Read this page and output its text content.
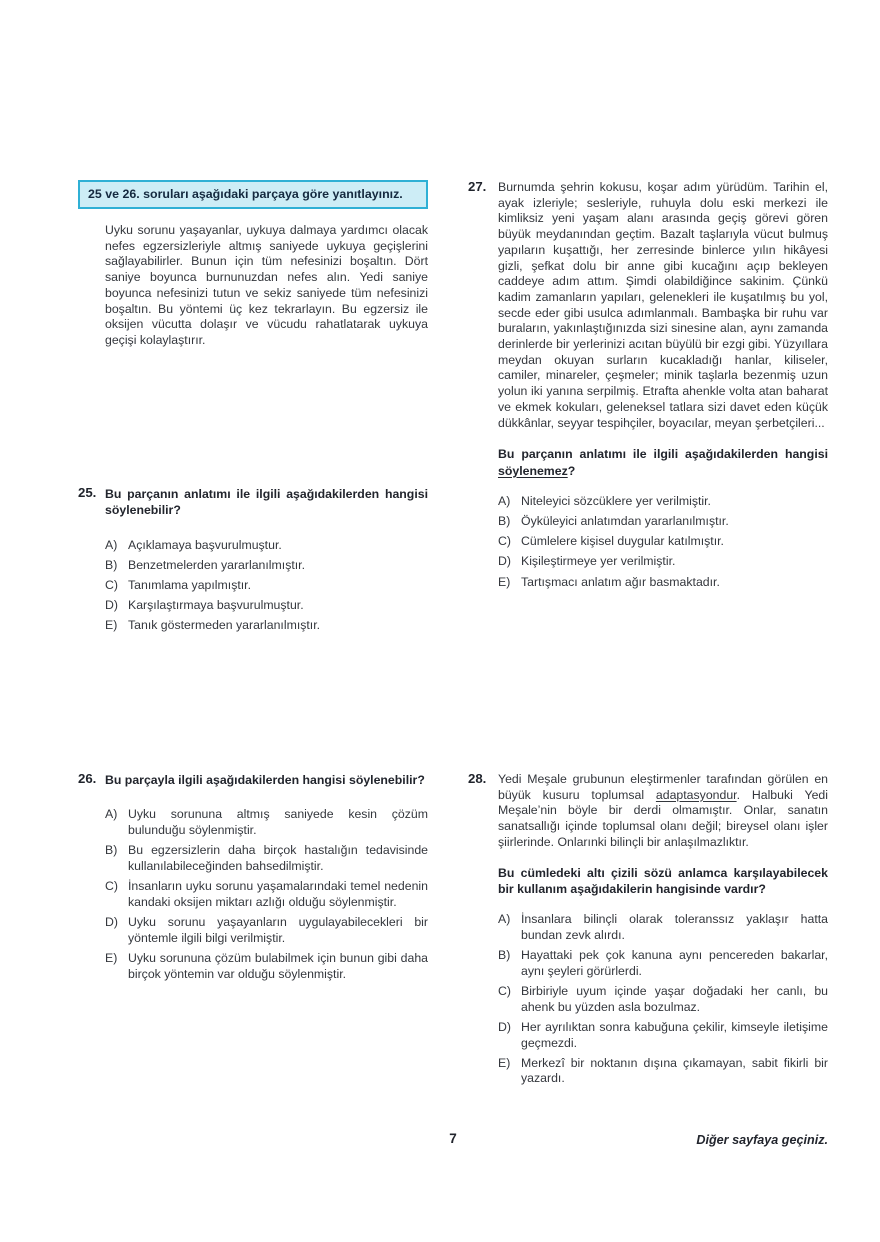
25 ve 26. soruları aşağıdaki parçaya göre yanıtlayınız.
Uyku sorunu yaşayanlar, uykuya dalmaya yardımcı olacak nefes egzersizleriyle altmış saniyede uykuya geçişlerini sağlayabilirler. Bunun için tüm nefesinizi boşaltın. Dört saniye boyunca burnunuzdan nefes alın. Yedi saniye boyunca nefesinizi tutun ve sekiz saniyede tüm nefesinizi boşaltın. Bu yöntemi üç kez tekrarlayın. Bu egzersiz ile oksijen vücutta dolaşır ve vücudu rahatlatarak uykuya geçişi kolaylaştırır.
25. Bu parçanın anlatımı ile ilgili aşağıdakilerden hangisi söylenebilir?
A) Açıklamaya başvurulmuştur.
B) Benzetmelerden yararlanılmıştır.
C) Tanımlama yapılmıştır.
D) Karşılaştırmaya başvurulmuştur.
E) Tanık göstermeden yararlanılmıştır.
26. Bu parçayla ilgili aşağıdakilerden hangisi söylenebilir?
A) Uyku sorununa altmış saniyede kesin çözüm bulunduğu söylenmiştir.
B) Bu egzersizlerin daha birçok hastalığın tedavisinde kullanılabileceğinden bahsedilmiştir.
C) İnsanların uyku sorunu yaşamalarındaki temel nedenin kandaki oksijen miktarı azlığı olduğu söylenmiştir.
D) Uyku sorunu yaşayanların uygulayabilecekleri bir yöntemle ilgili bilgi verilmiştir.
E) Uyku sorununa çözüm bulabilmek için bunun gibi daha birçok yöntemin var olduğu söylenmiştir.
27. Burnumda şehrin kokusu, koşar adım yürüdüm. Tarihin el, ayak izleriyle; sesleriyle, ruhuyla dolu eski merkezi ile kimliksiz yeni yaşam alanı arasında geçiş görevi gören büyük meydanından geçtim. Bazalt taşlarıyla vücut bulmuş yapıların kuşattığı, her zerresinde binlerce yılın hikâyesi gizli, şefkat dolu bir anne gibi kucağını açıp bekleyen caddeye adım attım. Şimdi olabildiğince sakinim. Çünkü kadim zamanların yapıları, gelenekleri ile kuşatılmış bu yol, secde eder gibi usulca adımlanmalı. Bambaşka bir ruhu var buraların, yakınlaştığınızda sizi sinesine alan, aynı zamanda derinlerde bir yerlerinizi acıtan büyülü bir ezgi gibi. Yüzyıllara meydan okuyan surların kucakladığı hanlar, kiliseler, camiler, minareler, çeşmeler; minik taşlarla bezenmiş uzun yolun iki yanına serpilmiş. Etrafta ahenkle volta atan baharat ve ekmek kokuları, geleneksel tatlara sizi davet eden küçük dükkânlar, seyyar tespihçiler, boyacılar, meyan şerbetçileri...
Bu parçanın anlatımı ile ilgili aşağıdakilerden hangisi söylenemez?
A) Niteleyici sözcüklere yer verilmiştir.
B) Öyküleyici anlatımdan yararlanılmıştır.
C) Cümlelere kişisel duygular katılmıştır.
D) Kişileştirmeye yer verilmiştir.
E) Tartışmacı anlatım ağır basmaktadır.
28. Yedi Meşale grubunun eleştirmenler tarafından görülen en büyük kusuru toplumsal adaptasyondur. Halbuki Yedi Meşale’nin böyle bir derdi olmamıştır. Onlar, sanatın sanatsallığı içinde toplumsal olanı değil; bireysel olanı işler şiirlerinde. Onlarınki bilinçli bir anlaşılmazlıktır.
Bu cümledeki altı çizili sözü anlamca karşılayabilecek bir kullanım aşağıdakilerin hangisinde vardır?
A) İnsanlara bilinçli olarak toleranssız yaklaşır hatta bundan zevk alırdı.
B) Hayattaki pek çok kanuna aynı pencereden bakarlar, aynı şeyleri görürlerdi.
C) Birbiriyle uyum içinde yaşar doğadaki her canlı, bu ahenk bu yüzden asla bozulmaz.
D) Her ayrılıktan sonra kabuğuna çekilir, kimseyle iletişime geçmezdi.
E) Merkezî bir noktanın dışına çıkamayan, sabit fikirli bir yazardı.
7	Diğer sayfaya geçiniz.
